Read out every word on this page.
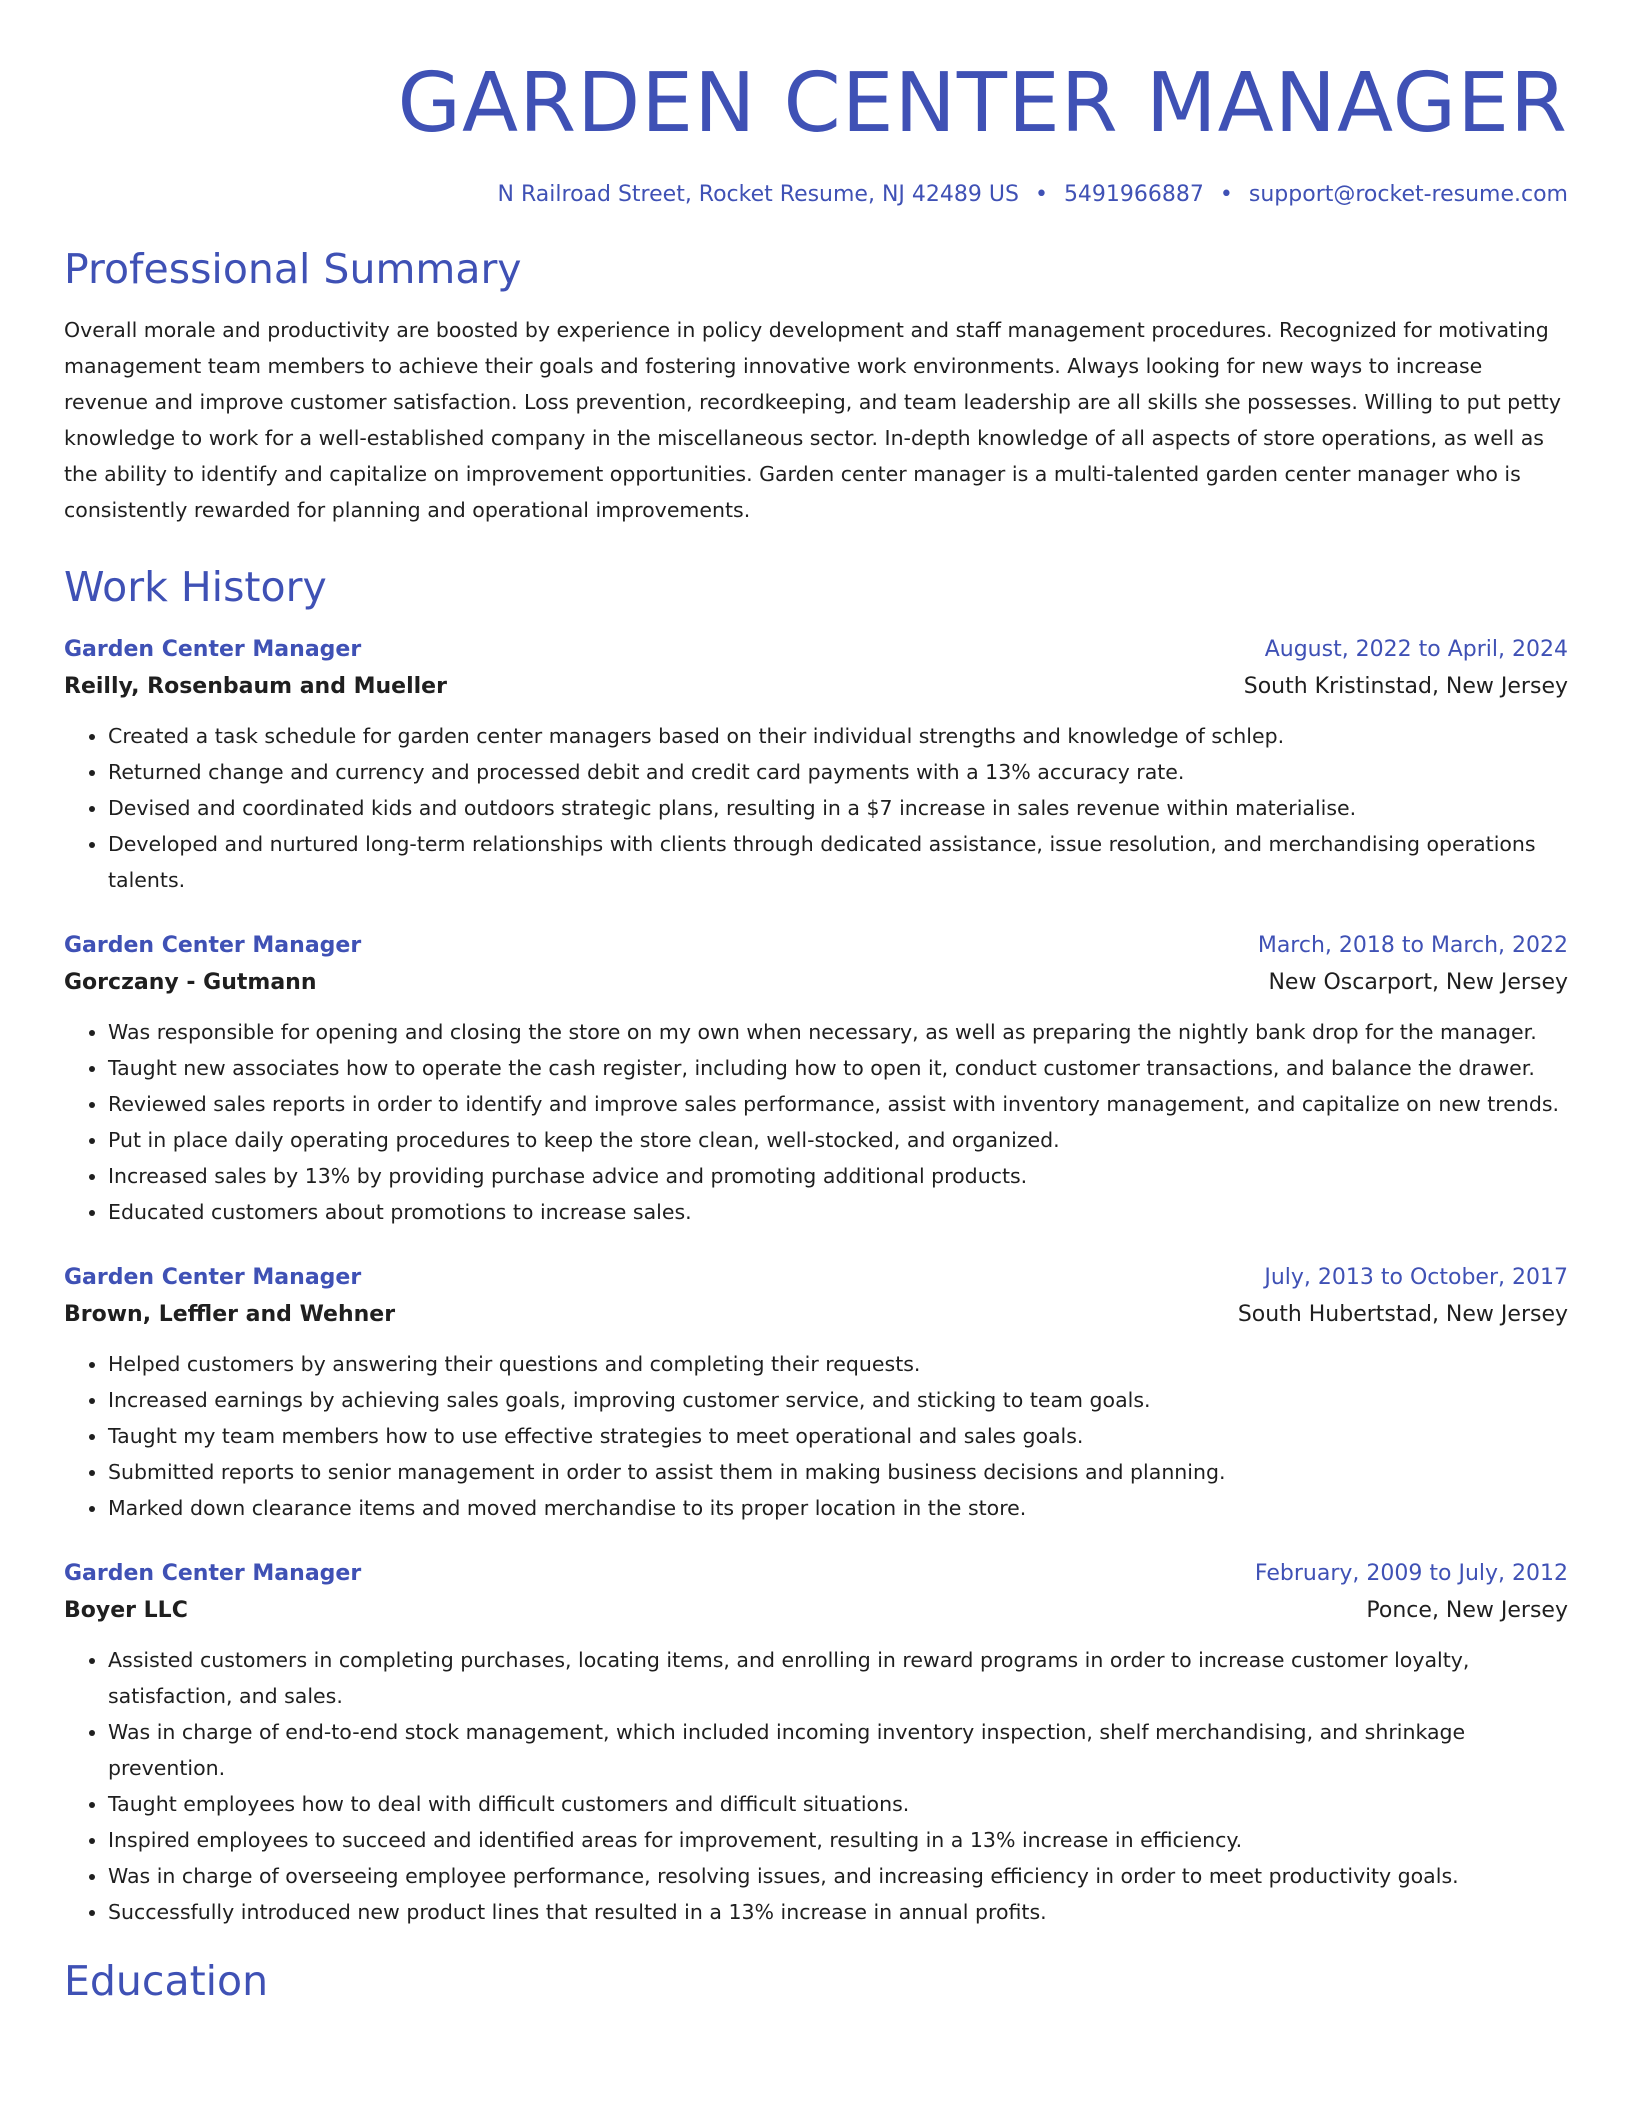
GARDEN CENTER MANAGER
N Railroad Street, Rocket Resume, NJ 42489 US • 5491966887 • support@rocket-resume.com
Professional Summary

Overall morale and productivity are boosted by experience in policy development and staff management procedures. Recognized for motivating management team members to achieve their goals and fostering innovative work environments. Always looking for new ways to increase revenue and improve customer satisfaction. Loss prevention, recordkeeping, and team leadership are all skills she possesses. Willing to put petty knowledge to work for a well-established company in the miscellaneous sector. In-depth knowledge of all aspects of store operations, as well as the ability to identify and capitalize on improvement opportunities. Garden center manager is a multi-talented garden center manager who is consistently rewarded for planning and operational improvements.

Work History
Garden Center Manager	August, 2022 to April, 2024
Reilly, Rosenbaum and Mueller	South Kristinstad, New Jersey
• Created a task schedule for garden center managers based on their individual strengths and knowledge of schlep.
• Returned change and currency and processed debit and credit card payments with a 13% accuracy rate.
• Devised and coordinated kids and outdoors strategic plans, resulting in a $7 increase in sales revenue within materialise.
• Developed and nurtured long-term relationships with clients through dedicated assistance, issue resolution, and merchandising operations talents.
Garden Center Manager	March, 2018 to March, 2022
Gorczany - Gutmann	New Oscarport, New Jersey
• Was responsible for opening and closing the store on my own when necessary, as well as preparing the nightly bank drop for the manager.
• Taught new associates how to operate the cash register, including how to open it, conduct customer transactions, and balance the drawer.
• Reviewed sales reports in order to identify and improve sales performance, assist with inventory management, and capitalize on new trends.
• Put in place daily operating procedures to keep the store clean, well-stocked, and organized.
• Increased sales by 13% by providing purchase advice and promoting additional products.
• Educated customers about promotions to increase sales.
Garden Center Manager	July, 2013 to October, 2017
Brown, Leffler and Wehner	South Hubertstad, New Jersey
• Helped customers by answering their questions and completing their requests.
• Increased earnings by achieving sales goals, improving customer service, and sticking to team goals.
• Taught my team members how to use effective strategies to meet operational and sales goals.
• Submitted reports to senior management in order to assist them in making business decisions and planning.
• Marked down clearance items and moved merchandise to its proper location in the store.
Garden Center Manager	February, 2009 to July, 2012
Boyer LLC	Ponce, New Jersey
• Assisted customers in completing purchases, locating items, and enrolling in reward programs in order to increase customer loyalty, satisfaction, and sales.
• Was in charge of end-to-end stock management, which included incoming inventory inspection, shelf merchandising, and shrinkage prevention.
• Taught employees how to deal with difficult customers and difficult situations.
• Inspired employees to succeed and identified areas for improvement, resulting in a 13% increase in efficiency.
• Was in charge of overseeing employee performance, resolving issues, and increasing efficiency in order to meet productivity goals.
• Successfully introduced new product lines that resulted in a 13% increase in annual profits.
Education
